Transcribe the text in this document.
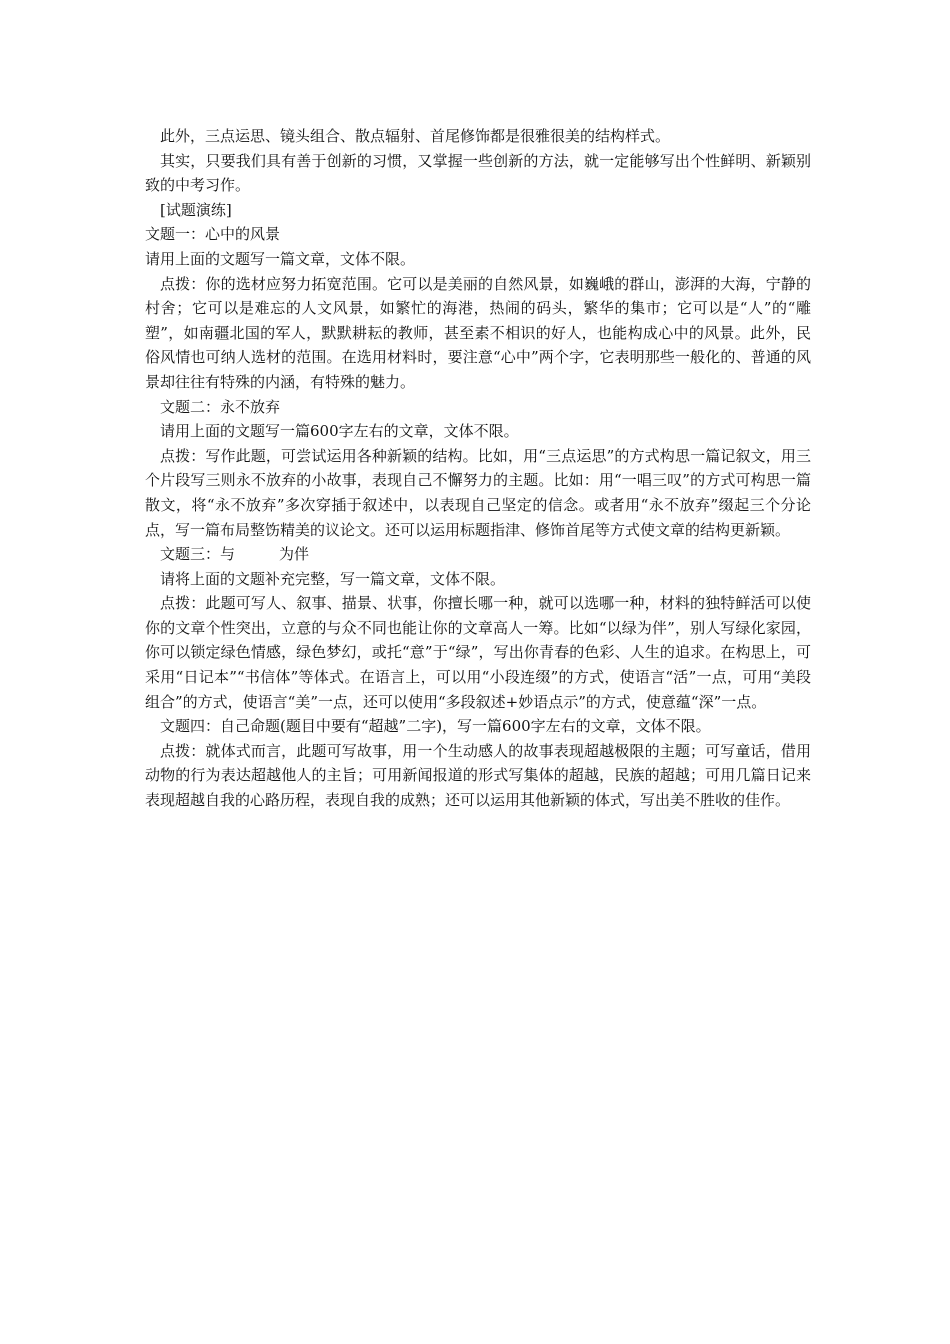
此外，三点运思、镜头组合、散点辐射、首尾修饰都是很雅很美的结构样式。

其实，只要我们具有善于创新的习惯，又掌握一些创新的方法，就一定能够写出个性鲜明、新颖别致的中考习作。

[试题演练]

文题一：心中的风景

请用上面的文题写一篇文章，文体不限。

点拨：你的选材应努力拓宽范围。它可以是美丽的自然风景，如巍峨的群山，澎湃的大海，宁静的村舍；它可以是难忘的人文风景，如繁忙的海港，热闹的码头，繁华的集市；它可以是“人”的“雕塑”，如南疆北国的军人，默默耕耘的教师，甚至素不相识的好人，也能构成心中的风景。此外，民俗风情也可纳人选材的范围。在选用材料时，要注意“心中”两个字，它表明那些一般化的、普通的风景却往往有特殊的内涵，有特殊的魅力。

文题二：永不放弃

请用上面的文题写一篇600字左右的文章，文体不限。

点拨：写作此题，可尝试运用各种新颖的结构。比如，用“三点运思”的方式构思一篇记叙文，用三个片段写三则永不放弃的小故事，表现自己不懈努力的主题。比如：用“一唱三叹”的方式可构思一篇散文，将“永不放弃”多次穿插于叙述中，以表现自己坚定的信念。或者用“永不放弃”缀起三个分论点，写一篇布局整饬精美的议论文。还可以运用标题指津、修饰首尾等方式使文章的结构更新颖。

文题三：与	为伴

请将上面的文题补充完整，写一篇文章，文体不限。

点拨：此题可写人、叙事、描景、状事，你擅长哪一种，就可以选哪一种，材料的独特鲜活可以使你的文章个性突出，立意的与众不同也能让你的文章高人一筹。比如“以绿为伴”，别人写绿化家园，你可以锁定绿色情感，绿色梦幻，或托“意”于“绿”，写出你青春的色彩、人生的追求。在构思上，可采用“日记本”“书信体”等体式。在语言上，可以用“小段连缀”的方式，使语言“活”一点，可用“美段组合”的方式，使语言“美”一点，还可以使用“多段叙述+妙语点示”的方式，使意蕴“深”一点。

文题四：自己命题(题目中要有“超越”二字)，写一篇600字左右的文章，文体不限。

点拨：就体式而言，此题可写故事，用一个生动感人的故事表现超越极限的主题；可写童话，借用动物的行为表达超越他人的主旨；可用新闻报道的形式写集体的超越，民族的超越；可用几篇日记来表现超越自我的心路历程，表现自我的成熟；还可以运用其他新颖的体式，写出美不胜收的佳作。
